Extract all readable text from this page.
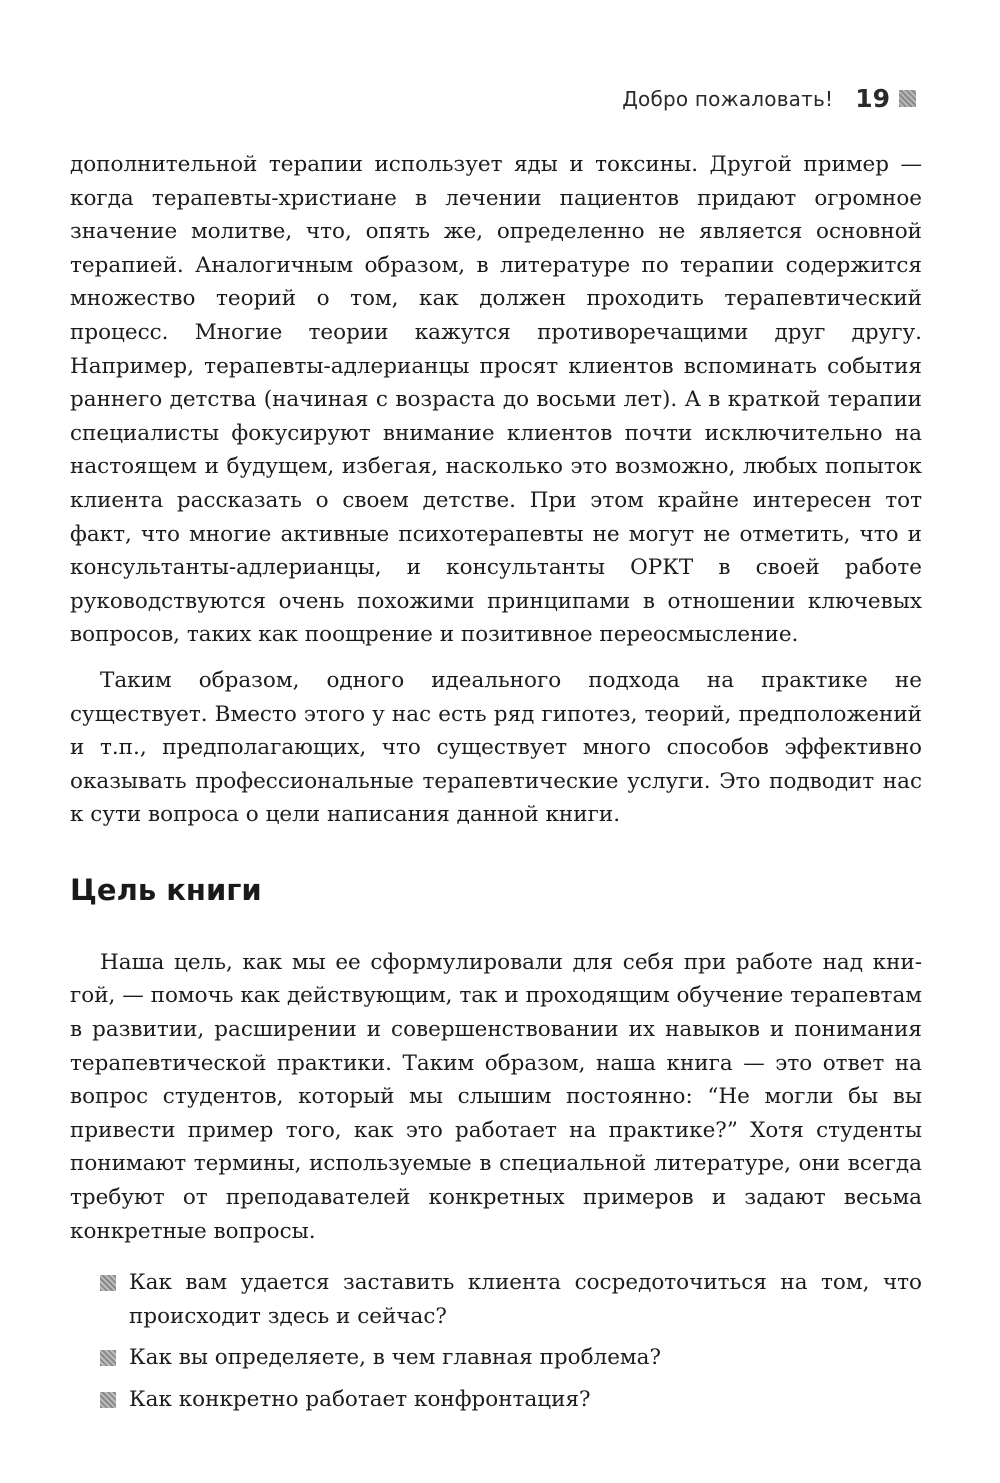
Добро пожаловать! 19

дополнительной терапии использует яды и токсины. Другой пример — когда терапевты-христиане в лечении пациентов придают огромное значение молитве, что, опять же, определенно не является основной терапией. Аналогичным образом, в литературе по терапии содержится множество теорий о том, как должен проходить терапевтический процесс. Многие теории кажутся противоречащими друг другу. Например, терапевты-адлерианцы просят клиентов вспоминать события раннего детства (начиная с возраста до восьми лет). А в краткой терапии специалисты фокусируют внимание клиентов почти исключительно на настоящем и будущем, избегая, насколько это возможно, любых попыток клиента рассказать о своем детстве. При этом крайне интересен тот факт, что многие активные психотерапевты не могут не отметить, что и консультанты-адлерианцы, и консультанты ОРКТ в своей работе руководствуются очень похожими принципами в отношении ключевых вопросов, таких как поощрение и позитивное переосмысление.

Таким образом, одного идеального подхода на практике не существует. Вместо этого у нас есть ряд гипотез, теорий, предположений и т.п., предполагающих, что существует много способов эффективно оказывать профессиональные терапевтические услуги. Это подводит нас к сути вопроса о цели написания данной книги.

Цель книги

Наша цель, как мы ее сформулировали для себя при работе над книгой, — помочь как действующим, так и проходящим обучение терапевтам в развитии, расширении и совершенствовании их навыков и понимания терапевтической практики. Таким образом, наша книга — это ответ на вопрос студентов, который мы слышим постоянно: “Не могли бы вы привести пример того, как это работает на практике?” Хотя студенты понимают термины, используемые в специальной литературе, они всегда требуют от преподавателей конкретных примеров и задают весьма конкретные вопросы.

Как вам удается заставить клиента сосредоточиться на том, что происходит здесь и сейчас?
Как вы определяете, в чем главная проблема?
Как конкретно работает конфронтация?
